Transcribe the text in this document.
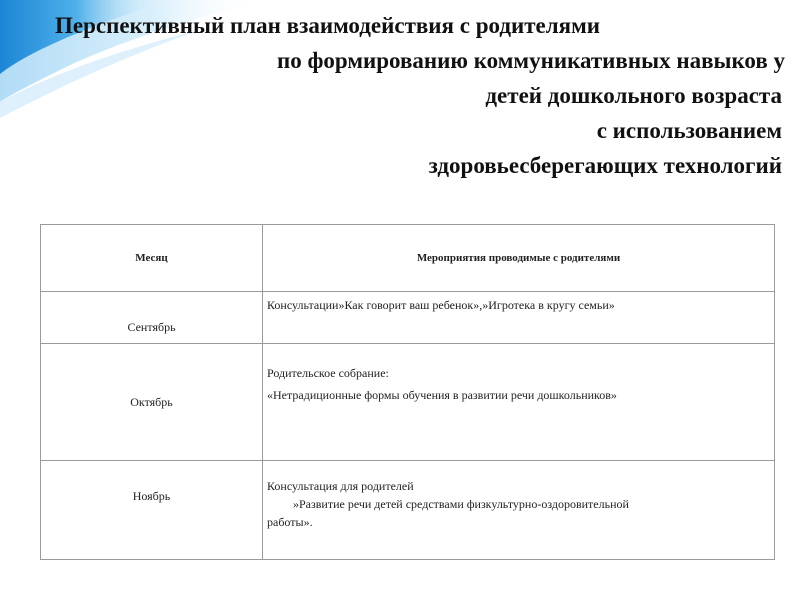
Перспективный план взаимодействия с родителями
по формированию коммуникативных навыков у
детей дошкольного возраста
с использованием
здоровьесберегающих технологий
Месяц	Мероприятия проводимые с родителями
Сентябрь	Консультации»Как говорит ваш ребенок»,»Игротека в кругу семьи»
Октябрь	Родительское собрание:
«Нетрадиционные формы обучения в развитии речи дошкольников»

Ноябрь	Консультация для родителей
»Развитие речи детей средствами физкультурно-оздоровительной
работы».
